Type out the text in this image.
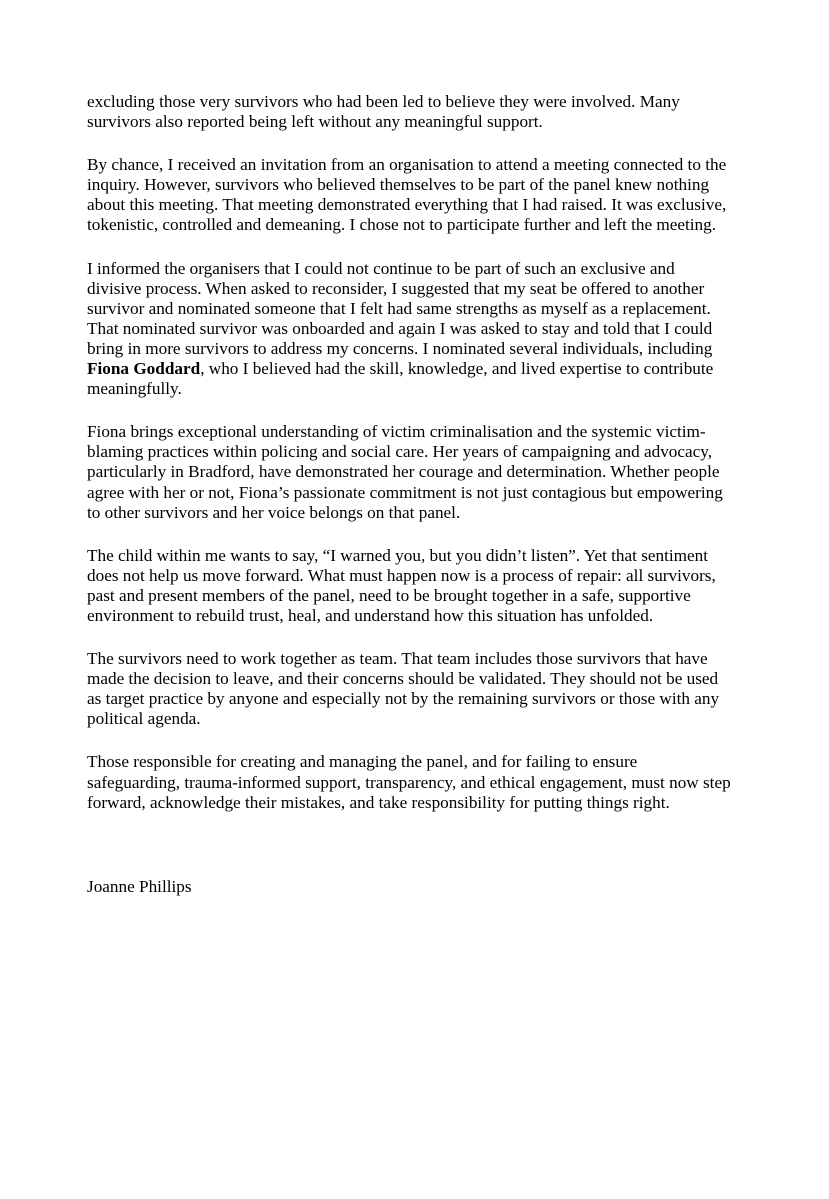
excluding those very survivors who had been led to believe they were involved. Many
survivors also reported being left without any meaningful support.
By chance, I received an invitation from an organisation to attend a meeting connected to the
inquiry. However, survivors who believed themselves to be part of the panel knew nothing
about this meeting. That meeting demonstrated everything that I had raised. It was exclusive,
tokenistic, controlled and demeaning. I chose not to participate further and left the meeting.
I informed the organisers that I could not continue to be part of such an exclusive and
divisive process. When asked to reconsider, I suggested that my seat be offered to another
survivor and nominated someone that I felt had same strengths as myself as a replacement.
That nominated survivor was onboarded and again I was asked to stay and told that I could
bring in more survivors to address my concerns. I nominated several individuals, including
Fiona Goddard, who I believed had the skill, knowledge, and lived expertise to contribute
meaningfully.
Fiona brings exceptional understanding of victim criminalisation and the systemic victim-
blaming practices within policing and social care. Her years of campaigning and advocacy,
particularly in Bradford, have demonstrated her courage and determination. Whether people
agree with her or not, Fiona’s passionate commitment is not just contagious but empowering
to other survivors and her voice belongs on that panel.
The child within me wants to say, “I warned you, but you didn’t listen”. Yet that sentiment
does not help us move forward. What must happen now is a process of repair: all survivors,
past and present members of the panel, need to be brought together in a safe, supportive
environment to rebuild trust, heal, and understand how this situation has unfolded.
The survivors need to work together as team. That team includes those survivors that have
made the decision to leave, and their concerns should be validated. They should not be used
as target practice by anyone and especially not by the remaining survivors or those with any
political agenda.
Those responsible for creating and managing the panel, and for failing to ensure
safeguarding, trauma-informed support, transparency, and ethical engagement, must now step
forward, acknowledge their mistakes, and take responsibility for putting things right.
Joanne Phillips
